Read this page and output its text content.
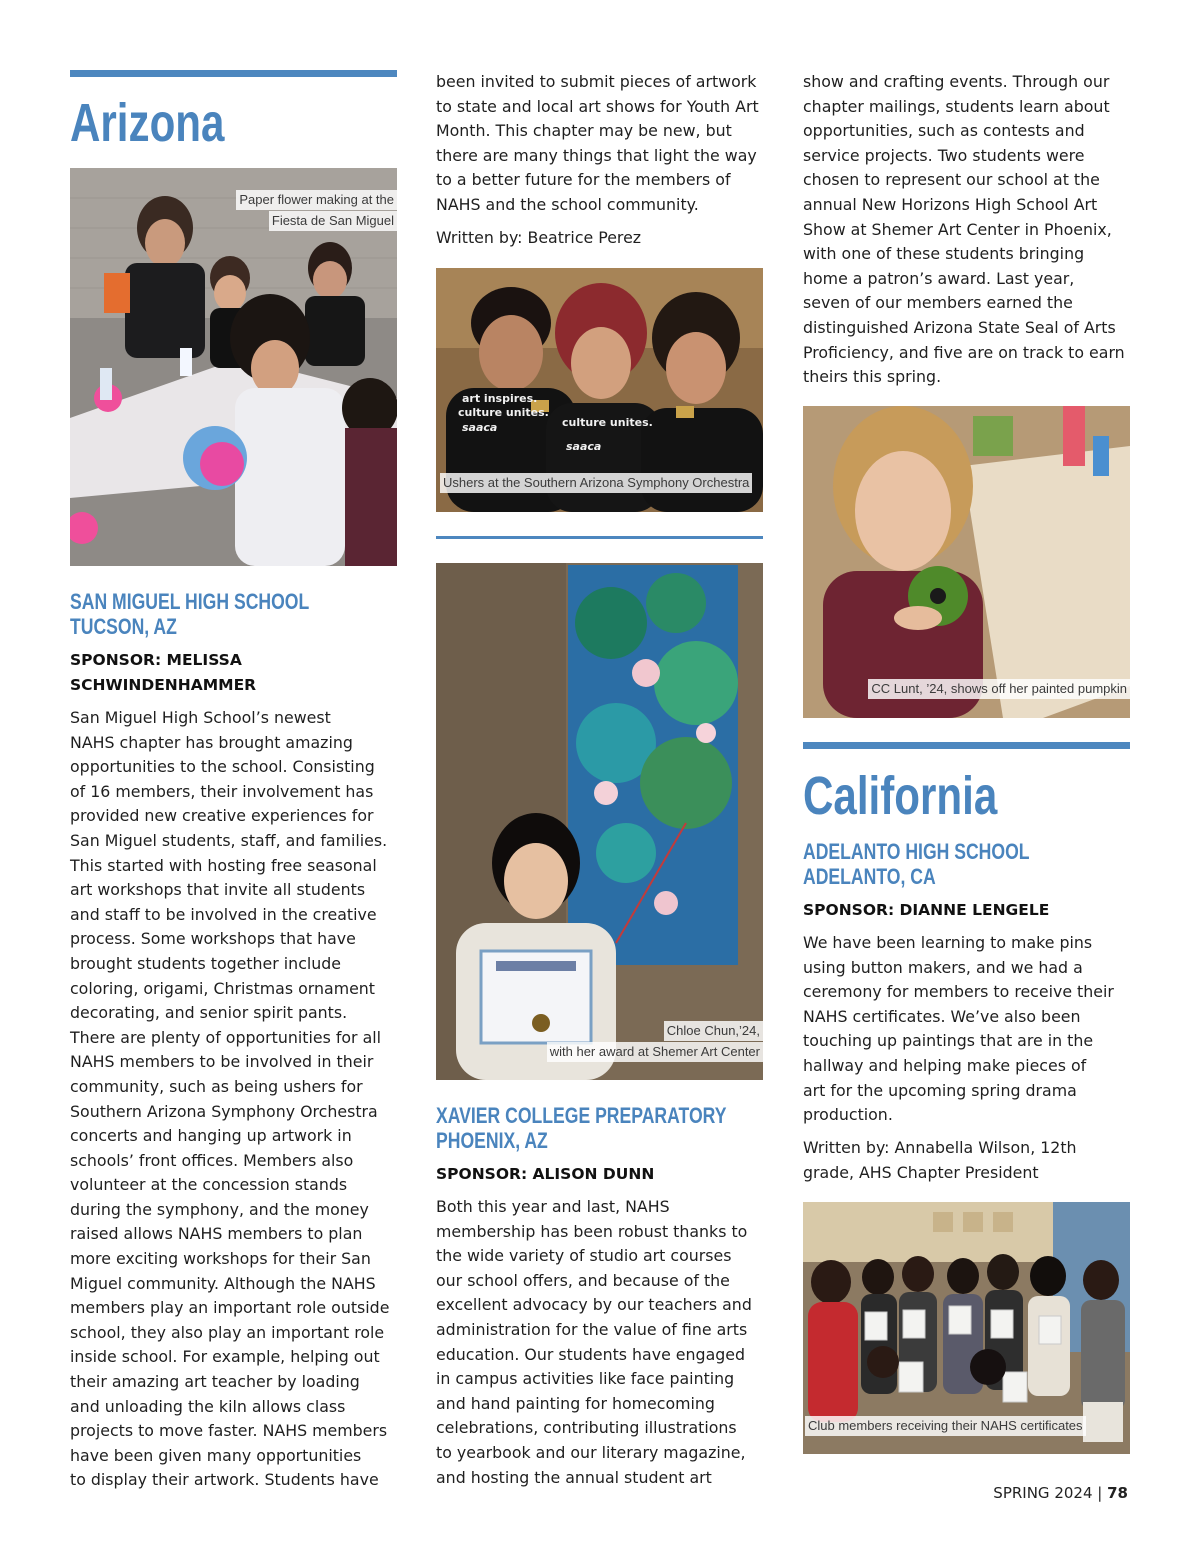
Arizona
Paper flower making at the
Fiesta de San Miguel
SAN MIGUEL HIGH SCHOOL
TUCSON, AZ

SPONSOR: MELISSA

SCHWINDENHAMMER

San Miguel High School’s newest
NAHS chapter has brought amazing
opportunities to the school. Consisting
of 16 members, their involvement has
provided new creative experiences for
San Miguel students, staff, and families.
This started with hosting free seasonal
art workshops that invite all students
and staff to be involved in the creative
process. Some workshops that have
brought students together include
coloring, origami, Christmas ornament
decorating, and senior spirit pants.
There are plenty of opportunities for all
NAHS members to be involved in their
community, such as being ushers for
Southern Arizona Symphony Orchestra
concerts and hanging up artwork in
schools’ front offices. Members also
volunteer at the concession stands
during the symphony, and the money
raised allows NAHS members to plan
more exciting workshops for their San
Miguel community. Although the NAHS
members play an important role outside
school, they also play an important role
inside school. For example, helping out
their amazing art teacher by loading
and unloading the kiln allows class
projects to move faster. NAHS members
have been given many opportunities
to display their artwork. Students have
been invited to submit pieces of artwork
to state and local art shows for Youth Art
Month. This chapter may be new, but
there are many things that light the way
to a better future for the members of
NAHS and the school community.

Written by: Beatrice Perez

art inspires.
culture unites.
saaca	culture unites.
saaca
Ushers at the Southern Arizona Symphony Orchestra
Chloe Chun,’24,
with her award at Shemer Art Center
XAVIER COLLEGE PREPARATORY
PHOENIX, AZ

SPONSOR: ALISON DUNN

Both this year and last, NAHS
membership has been robust thanks to
the wide variety of studio art courses
our school offers, and because of the
excellent advocacy by our teachers and
administration for the value of fine arts
education. Our students have engaged
in campus activities like face painting
and hand painting for homecoming
celebrations, contributing illustrations
to yearbook and our literary magazine,
and hosting the annual student art
show and crafting events. Through our
chapter mailings, students learn about
opportunities, such as contests and
service projects. Two students were
chosen to represent our school at the
annual New Horizons High School Art
Show at Shemer Art Center in Phoenix,
with one of these students bringing
home a patron’s award. Last year,
seven of our members earned the
distinguished Arizona State Seal of Arts
Proficiency, and five are on track to earn
theirs this spring.
CC Lunt, ’24, shows off her painted pumpkin
California
ADELANTO HIGH SCHOOL
ADELANTO, CA

SPONSOR: DIANNE LENGELE

We have been learning to make pins
using button makers, and we had a
ceremony for members to receive their
NAHS certificates. We’ve also been
touching up paintings that are in the
hallway and helping make pieces of
art for the upcoming spring drama
production.

Written by: Annabella Wilson, 12th

grade, AHS Chapter President

Club members receiving their NAHS certificates
SPRING 2024 | 78
